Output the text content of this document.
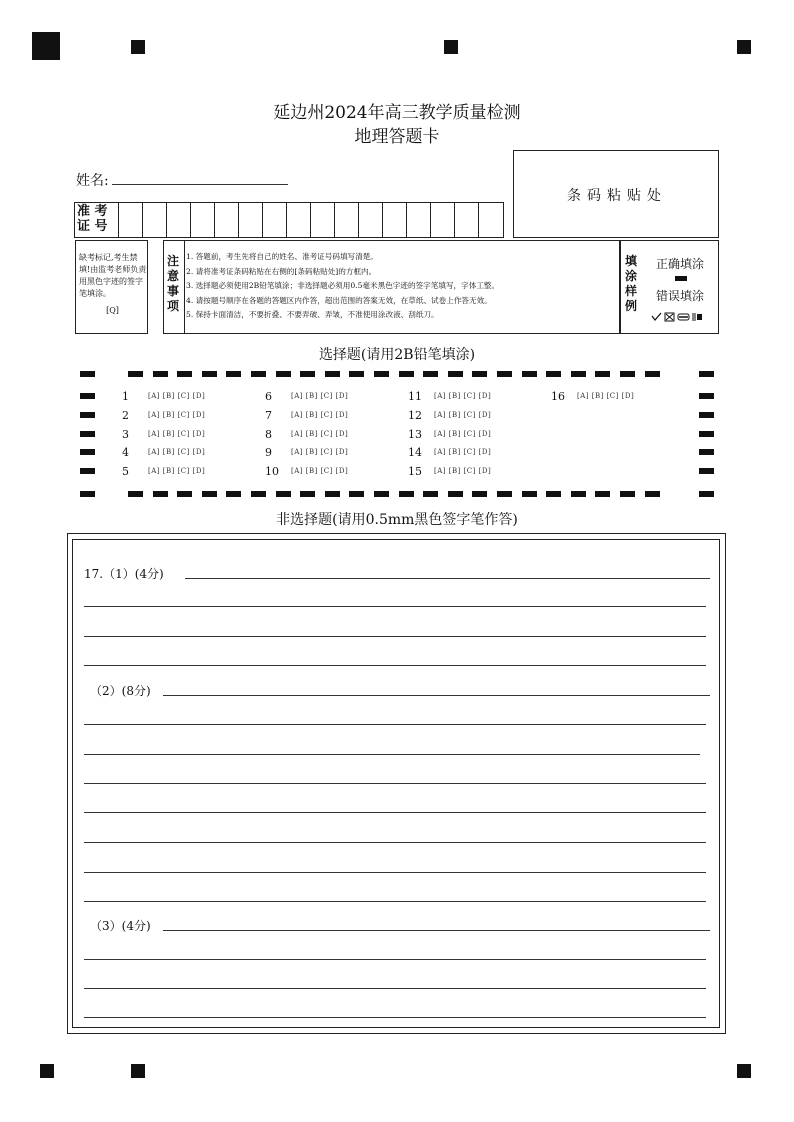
延边州2024年高三教学质量检测
地理答题卡
姓名:
条码粘贴处
准 考
证 号
缺考标记,考生禁填!由监考老师负责用黑色字迹的签字笔填涂。
[Q]
注意事项
1. 答题前，考生先将自己的姓名、准考证号码填写清楚。
2. 请将准考证条码粘贴在右侧的[条码粘贴处]的方框内。
3. 选择题必须使用2B铅笔填涂；非选择题必须用0.5毫米黑色字迹的签字笔填写，字体工整。
4. 请按题号顺序在各题的答题区内作答，超出范围的答案无效，在草纸、试卷上作答无效。
5. 保持卡面清洁，不要折叠、不要弄破、弄皱，不准使用涂改液、刮纸刀。
填涂样例
正确填涂
错误填涂
选择题(请用2B铅笔填涂)
1	[A] [B] [C] [D]
2	[A] [B] [C] [D]
3	[A] [B] [C] [D]
4	[A] [B] [C] [D]
5	[A] [B] [C] [D]
6	[A] [B] [C] [D]
7	[A] [B] [C] [D]
8	[A] [B] [C] [D]
9	[A] [B] [C] [D]
10 [A] [B] [C] [D]
11 [A] [B] [C] [D]
12 [A] [B] [C] [D]
13 [A] [B] [C] [D]
14 [A] [B] [C] [D]
15 [A] [B] [C] [D]
16 [A] [B] [C] [D]
非选择题(请用0.5mm黑色签字笔作答)
17.（1）(4分)
（2）(8分)
（3）(4分)
